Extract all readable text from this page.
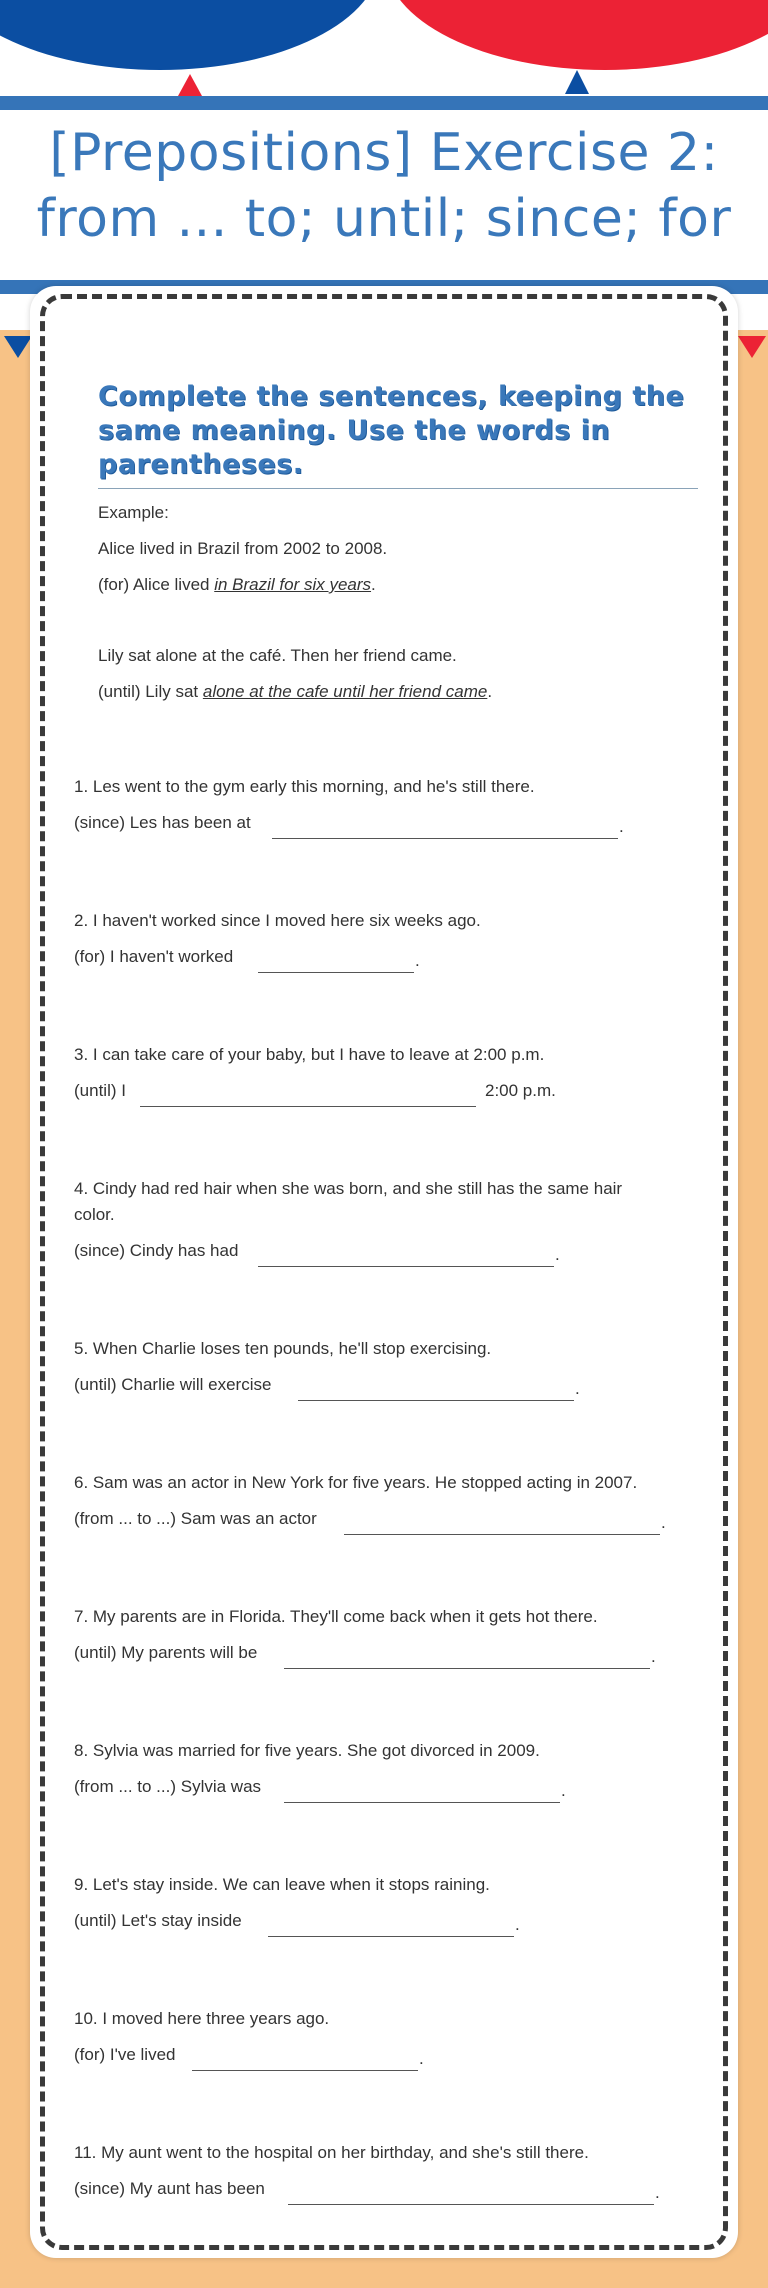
[Prepositions] Exercise 2:
from ... to; until; since; for
Complete the sentences, keeping the same meaning. Use the words in parentheses.
Example:
Alice lived in Brazil from 2002 to 2008.
(for) Alice lived in Brazil for six years.
Lily sat alone at the café. Then her friend came.
(until) Lily sat alone at the cafe until her friend came.
1. Les went to the gym early this morning, and he's still there.
(since) Les has been at	.
2. I haven't worked since I moved here six weeks ago.
(for) I haven't worked	.
3. I can take care of your baby, but I have to leave at 2:00 p.m.
(until) I	2:00 p.m.
4. Cindy had red hair when she was born, and she still has the same hair
color.
(since) Cindy has had	.
5. When Charlie loses ten pounds, he'll stop exercising.
(until) Charlie will exercise	.
6. Sam was an actor in New York for five years. He stopped acting in 2007.
(from ... to ...) Sam was an actor	.
7. My parents are in Florida. They'll come back when it gets hot there.
(until) My parents will be	.
8. Sylvia was married for five years. She got divorced in 2009.
(from ... to ...) Sylvia was	.
9. Let's stay inside. We can leave when it stops raining.
(until) Let's stay inside	.
10. I moved here three years ago.
(for) I've lived	.
11. My aunt went to the hospital on her birthday, and she's still there.
(since) My aunt has been	.
